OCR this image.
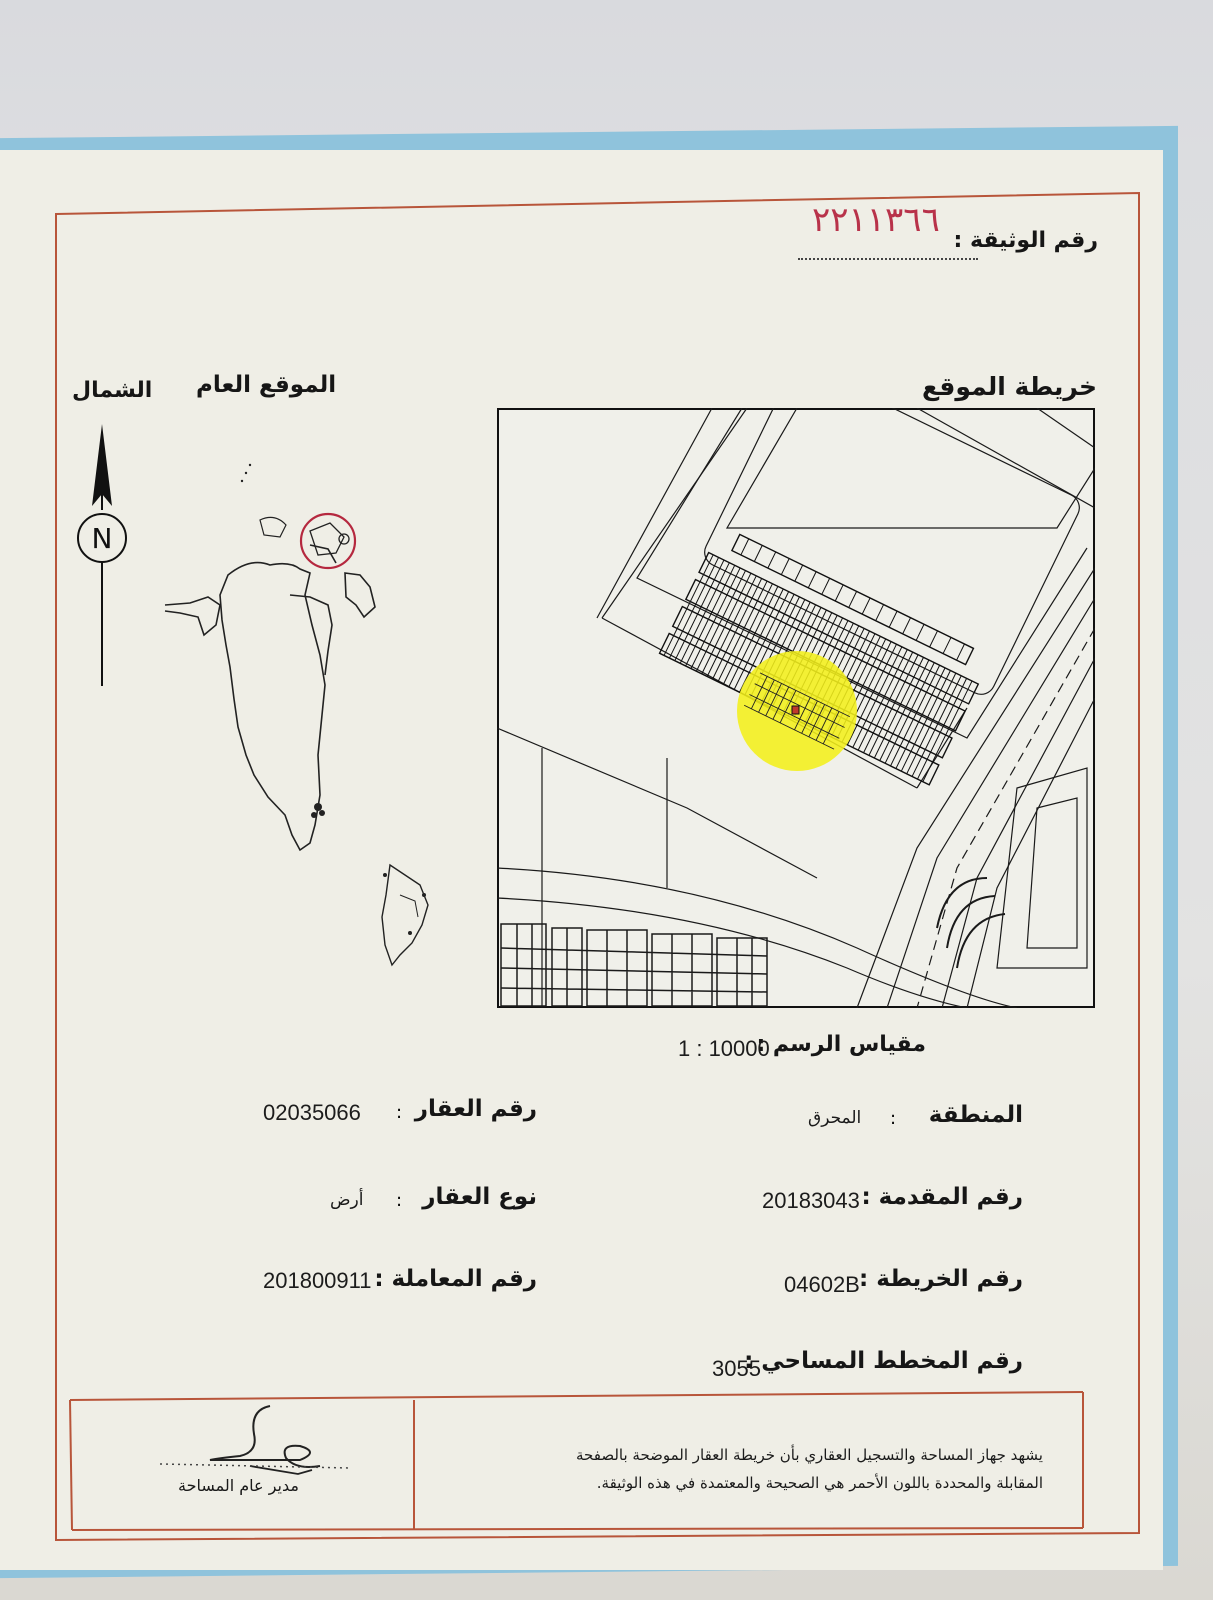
رقم الوثيقة :
٢٢١١٣٦٦
خريطة الموقع
الموقع العام
الشمال
N
مقياس الرسم :
1 : 10000
المنطقة
:
المحرق
رقم المقدمة :
20183043
رقم الخريطة :
04602B
رقم المخطط المساحي :
3055
رقم العقار
:
02035066
نوع العقار
:
أرض
رقم المعاملة :
201800911
يشهد جهاز المساحة والتسجيل العقاري بأن خريطة العقار الموضحة بالصفحة
المقابلة والمحددة باللون الأحمر هي الصحيحة والمعتمدة في هذه الوثيقة.
مدير عام المساحة
